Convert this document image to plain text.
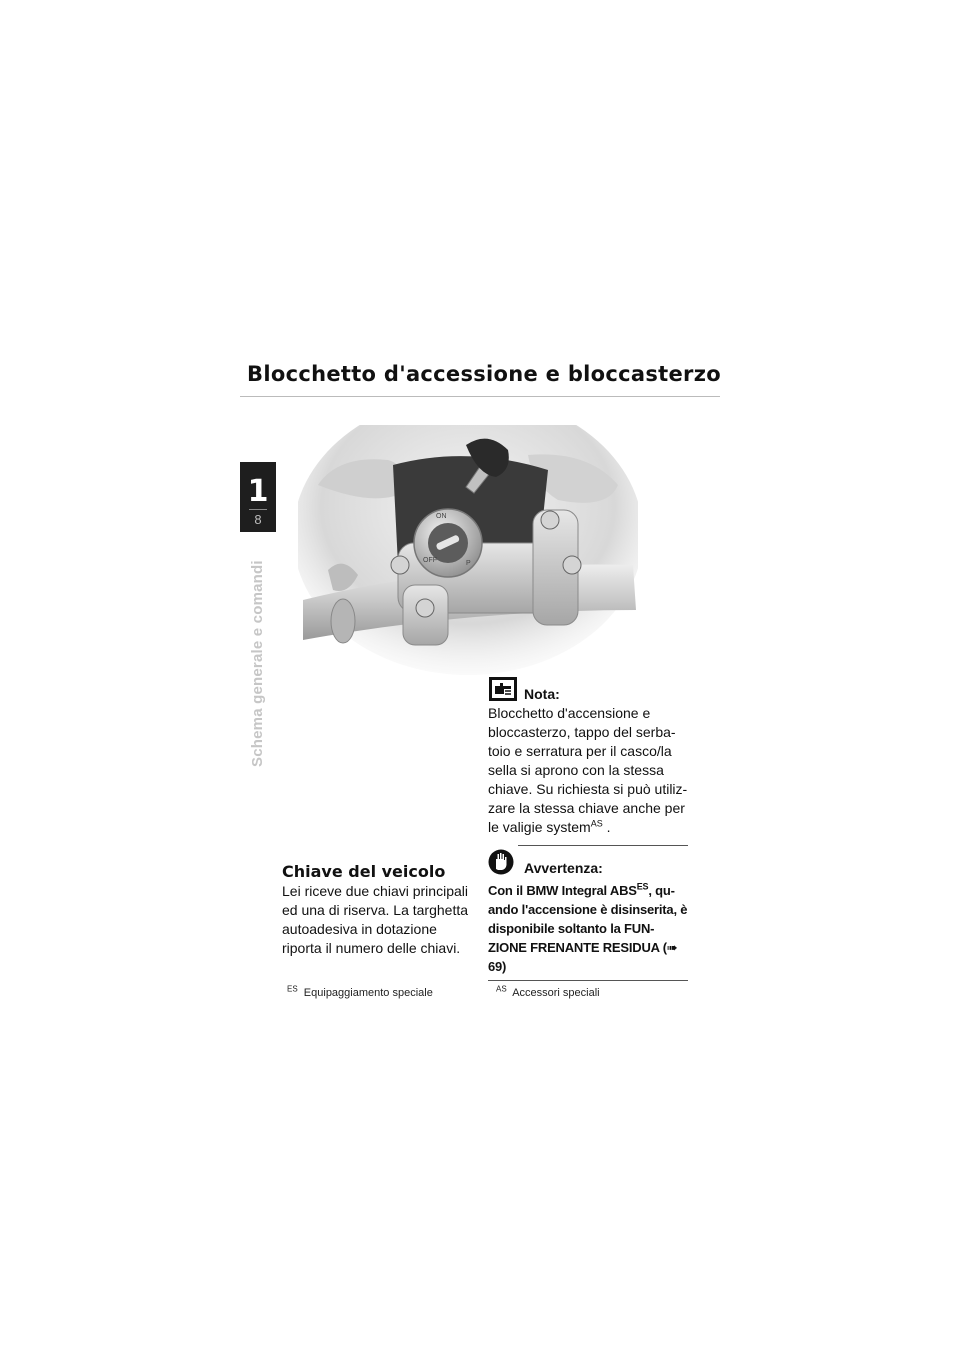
Blocchetto d'accessione e bloccasterzo
1
8
Schema generale e comandi
ON
OFF	P
Chiave del veicolo
Lei riceve due chiavi principali ed una di riserva. La targhetta autoadesiva in dotazione riporta il numero delle chiavi.
Nota:
Blocchetto d'accensione e bloccasterzo, tappo del serba-toio e serratura per il casco/la sella si aprono con la stessa chiave. Su richiesta si può utiliz-zare la stessa chiave anche per le valigie system$^{AS}$ .
Avvertenza:
Con il BMW Integral $ABS^{ES}$, qu-ando l'accensione è disinserita, è disponibile soltanto la FUN-ZIONE FRENANTE RESIDUA (➠ 69)
$^{ES}$ Equipaggiamento speciale	$^{AS}$ Accessori speciali
